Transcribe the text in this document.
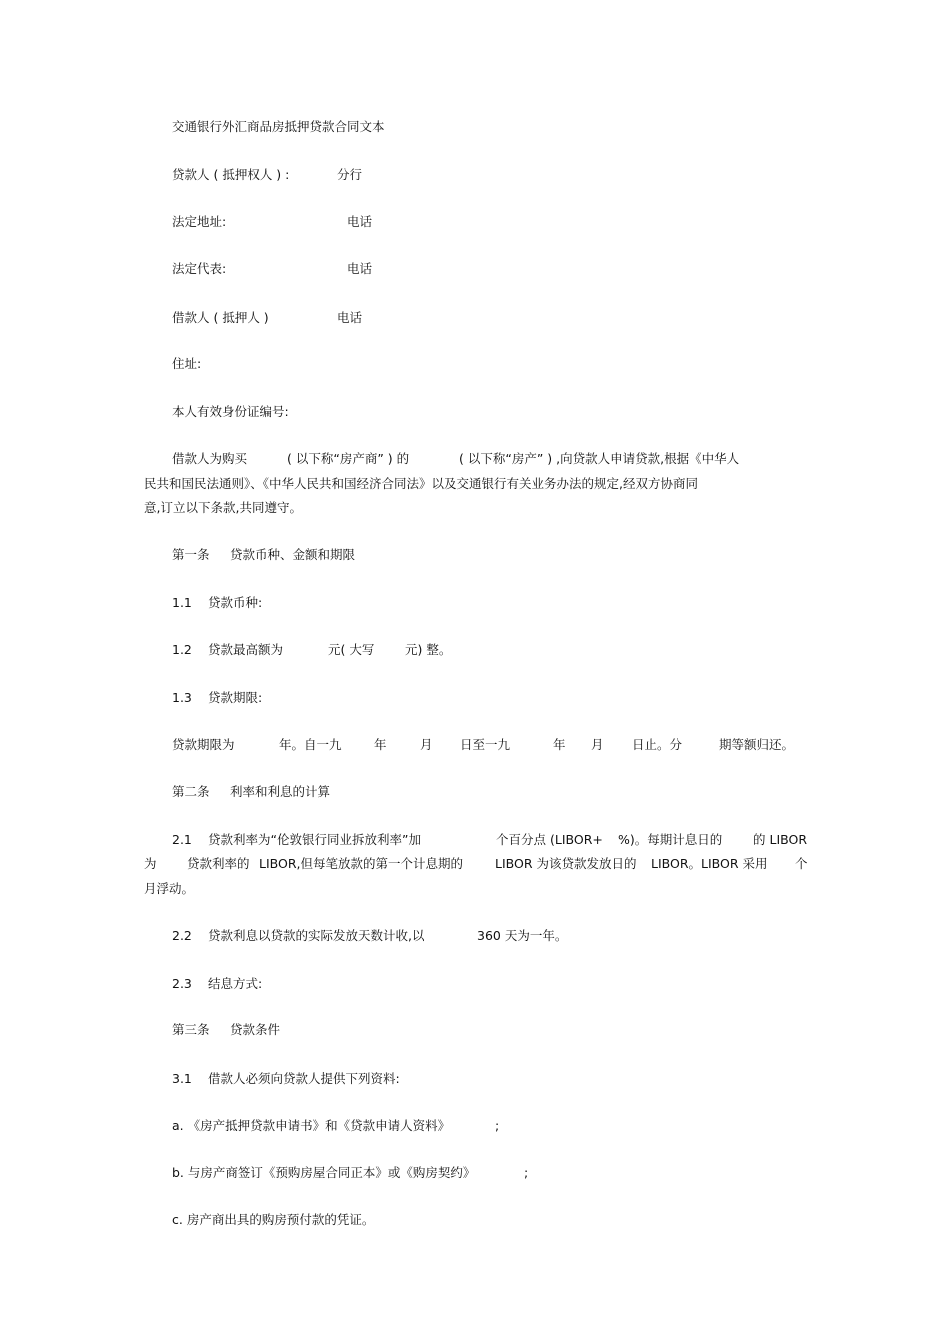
交通银行外汇商品房抵押贷款合同文本

贷款人 ( 抵押权人 ) :	分行
法定地址:	电话
法定代表:	电话
借款人 ( 抵押人 )	电话

住址:

本人有效身份证编号:

借款人为购买	( 以下称“房产商” ) 的	( 以下称“房产” ) ,向贷款人申请贷款,根据《中华人

民共和国民法通则》、《中华人民共和国经济合同法》以及交通银行有关业务办法的规定,经双方协商同

意,订立以下条款,共同遵守。

第一条 贷款币种、金额和期限
1.1 贷款币种:
1.2 贷款最高额为	元( 大写 元) 整。
1.3 贷款期限:
贷款期限为	年。自一九	年	月 日至一九	年 月 日止。分	期等额归还。
第二条 利率和利息的计算
2.1 贷款利率为“伦敦银行同业拆放利率”加	个百分点 (LIBOR+ %)。每期计息日的 的 LIBOR
为 贷款利率的 LIBOR,但每笔放款的第一个计息期的	LIBOR 为该贷款发放日的 LIBOR。LIBOR 采用 个

月浮动。

2.2 贷款利息以贷款的实际发放天数计收,以	360 天为一年。
2.3 结息方式:
第三条 贷款条件
3.1 借款人必须向贷款人提供下列资料:
a. 《房产抵押贷款申请书》和《贷款申请人资料》	;
b. 与房产商签订《预购房屋合同正本》或《购房契约》	;

c. 房产商出具的购房预付款的凭证。
